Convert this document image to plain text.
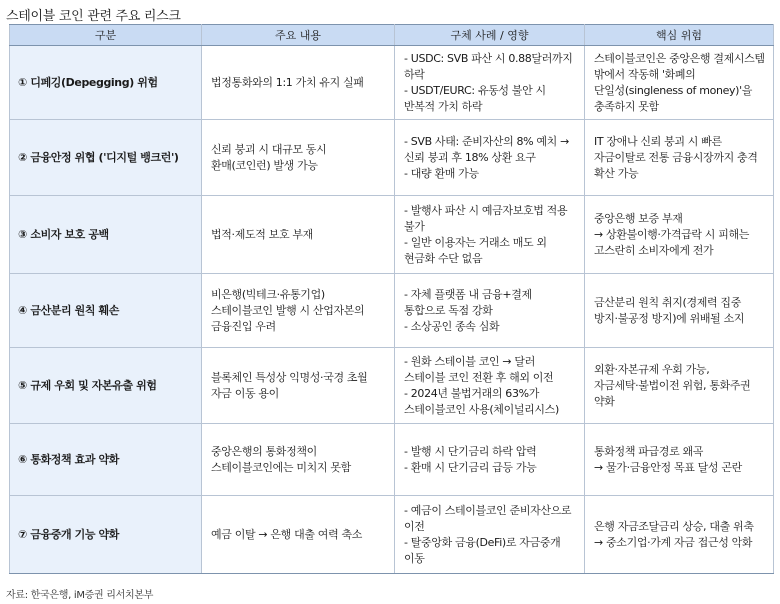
스테이블 코인 관련 주요 리스크
구분	주요 내용	구체 사례 / 영향	핵심 위험
① 디페깅(Depegging) 위험	법정통화와의 1:1 가치 유지 실패	- USDC: SVB 파산 시 0.88달러까지
하락
- USDT/EURC: 유동성 불안 시
반복적 가치 하락	스테이블코인은 중앙은행 결제시스템
밖에서 작동해 '화폐의
단일성(singleness of money)'을
충족하지 못함

② 금융안정 위협 ('디지털 뱅크런')	신뢰 붕괴 시 대규모 동시
환매(코인런) 발생 가능	- SVB 사태: 준비자산의 8% 예치 →
신뢰 붕괴 후 18% 상환 요구
- 대량 환매 가능	IT 장애나 신뢰 붕괴 시 빠른
자금이탈로 전통 금융시장까지 충격
확산 가능

③ 소비자 보호 공백	법적·제도적 보호 부재	- 발행사 파산 시 예금자보호법 적용
불가
- 일반 이용자는 거래소 매도 외
현금화 수단 없음	중앙은행 보증 부재
→ 상환불이행·가격급락 시 피해는
고스란히 소비자에게 전가

④ 금산분리 원칙 훼손	비은행(빅테크·유통기업)
스테이블코인 발행 시 산업자본의
금융진입 우려	- 자체 플랫폼 내 금융+결제
통합으로 독점 강화
- 소상공인 종속 심화	금산분리 원칙 취지(경제력 집중
방지·불공정 방지)에 위배될 소지

⑤ 규제 우회 및 자본유출 위험	블록체인 특성상 익명성·국경 초월
자금 이동 용이	- 원화 스테이블 코인 → 달러
스테이블 코인 전환 후 해외 이전
- 2024년 불법거래의 63%가
스테이블코인 사용(체이널리시스)	외환·자본규제 우회 가능,
자금세탁·불법이전 위험, 통화주권
약화

⑥ 통화정책 효과 약화	중앙은행의 통화정책이
스테이블코인에는 미치지 못함	- 발행 시 단기금리 하락 압력
- 환매 시 단기금리 급등 가능	통화정책 파급경로 왜곡
→ 물가·금융안정 목표 달성 곤란

⑦ 금융중개 기능 약화	예금 이탈 → 은행 대출 여력 축소	- 예금이 스테이블코인 준비자산으로
이전
- 탈중앙화 금융(DeFi)로 자금중개
이동	은행 자금조달금리 상승, 대출 위축
→ 중소기업·가계 자금 접근성 악화
자료: 한국은행, iM증권 리서치본부
